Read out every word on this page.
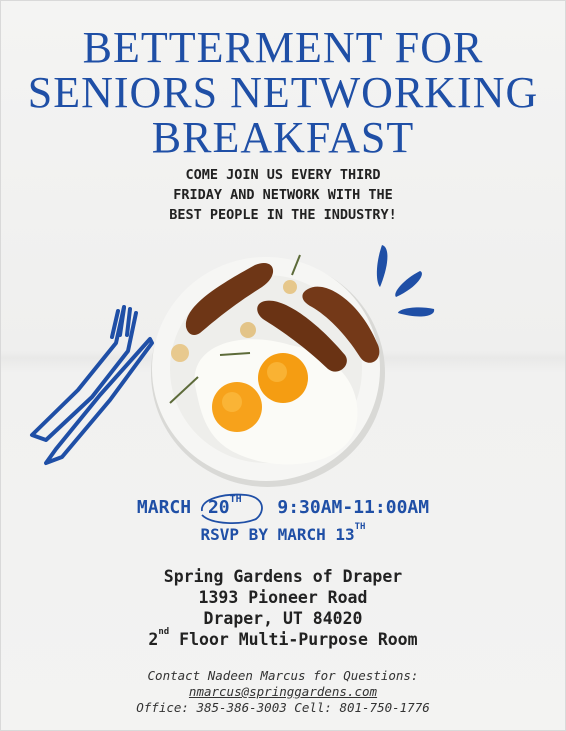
BETTERMENT FOR
SENIORS NETWORKING
BREAKFAST
COME JOIN US EVERY THIRD
FRIDAY AND NETWORK WITH THE
BEST PEOPLE IN THE INDUSTRY!
MARCH 20TH 9:30AM-11:00AM
RSVP BY MARCH 13TH
Spring Gardens of Draper
1393 Pioneer Road
Draper, UT 84020
2nd Floor Multi-Purpose Room
Contact Nadeen Marcus for Questions:
nmarcus@springgardens.com
Office: 385-386-3003 Cell: 801-750-1776
